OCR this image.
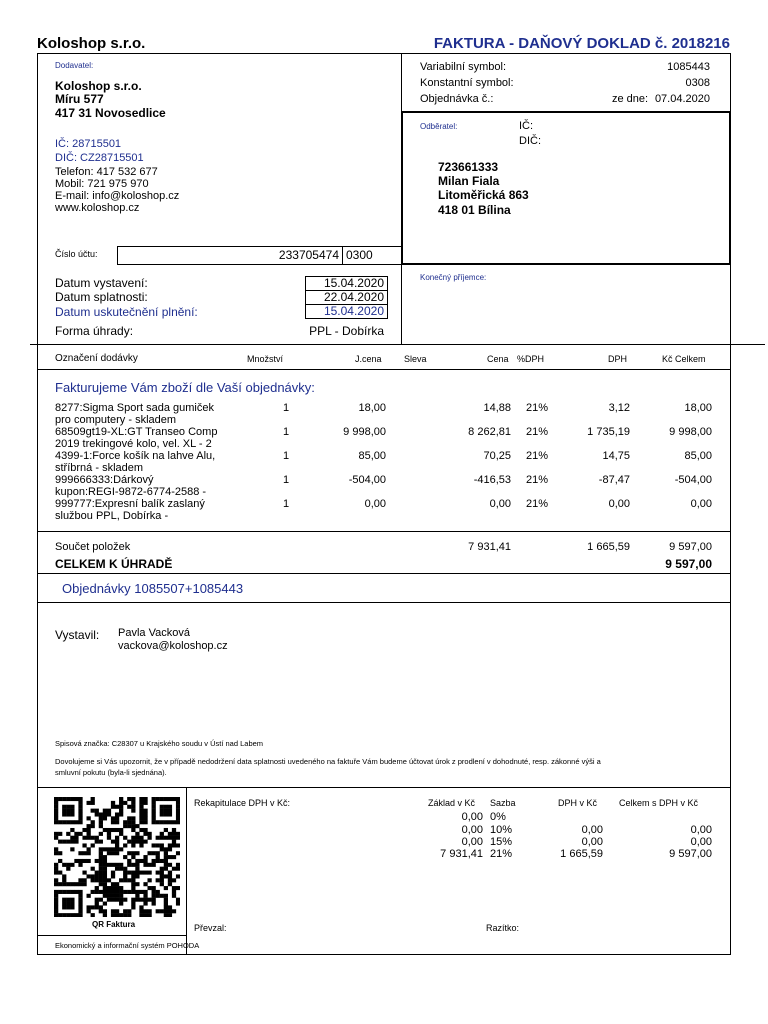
Koloshop s.r.o.	FAKTURA - DAŇOVÝ DOKLAD č. 2018216
Dodavatel:
Koloshop s.r.o.
Míru 577
417 31 Novosedlice
IČ: 28715501
DIČ: CZ28715501
Telefon: 417 532 677
Mobil: 721 975 970
E-mail: info@koloshop.cz
www.koloshop.cz
Číslo účtu:	233705474 0300
Variabilní symbol:	1085443
Konstantní symbol:	0308
Objednávka č.:	ze dne: 07.04.2020
Odběratel:	IČ:
DIČ:
723661333
Milan Fiala
Litoměřická 863
418 01 Bílina
Konečný příjemce:
Datum vystavení:	15.04.2020
Datum splatnosti:	22.04.2020
Datum uskutečnění plnění:	15.04.2020
Forma úhrady:	PPL - Dobírka
Označení dodávky	Množství	J.cena Sleva	Cena %DPH	DPH	Kč Celkem
Fakturujeme Vám zboží dle Vaší objednávky:
8277:Sigma Sport sada gumiček
pro computery - skladem
1	18,00	14,88 21%	3,12	18,00
68509gt19-XL:GT Transeo Comp
2019 trekingové kolo, vel. XL - 2
1	9 998,00	8 262,81 21%	1 735,19	9 998,00
4399-1:Force košík na lahve Alu,
stříbrná - skladem
1	85,00	70,25 21%	14,75	85,00
999666333:Dárkový
kupon:REGI-9872-6774-2588 -
1	-504,00	-416,53 21%	-87,47	-504,00
999777:Expresní balík zaslaný
službou PPL, Dobírka -
1	0,00	0,00 21%	0,00	0,00
Součet položek	7 931,41	1 665,59	9 597,00
CELKEM K ÚHRADĚ	9 597,00
Objednávky 1085507+1085443
Vystavil: Pavla Vacková
vackova@koloshop.cz
Spisová značka: C28307 u Krajského soudu v Ústí nad Labem
Dovolujeme si Vás upozornit, že v případě nedodržení data splatnosti uvedeného na faktuře Vám budeme účtovat úrok z prodlení v dohodnuté, resp. zákonné výši a
smluvní pokutu (byla-li sjednána).
QR Faktura
Rekapitulace DPH v Kč:	Základ v Kč Sazba	DPH v Kč Celkem s DPH v Kč
0,00 0%
0,00 10%	0,00	0,00
0,00 15%	0,00	0,00
7 931,41 21%	1 665,59	9 597,00
Převzal:	Razítko:
Ekonomický a informační systém POHODA
